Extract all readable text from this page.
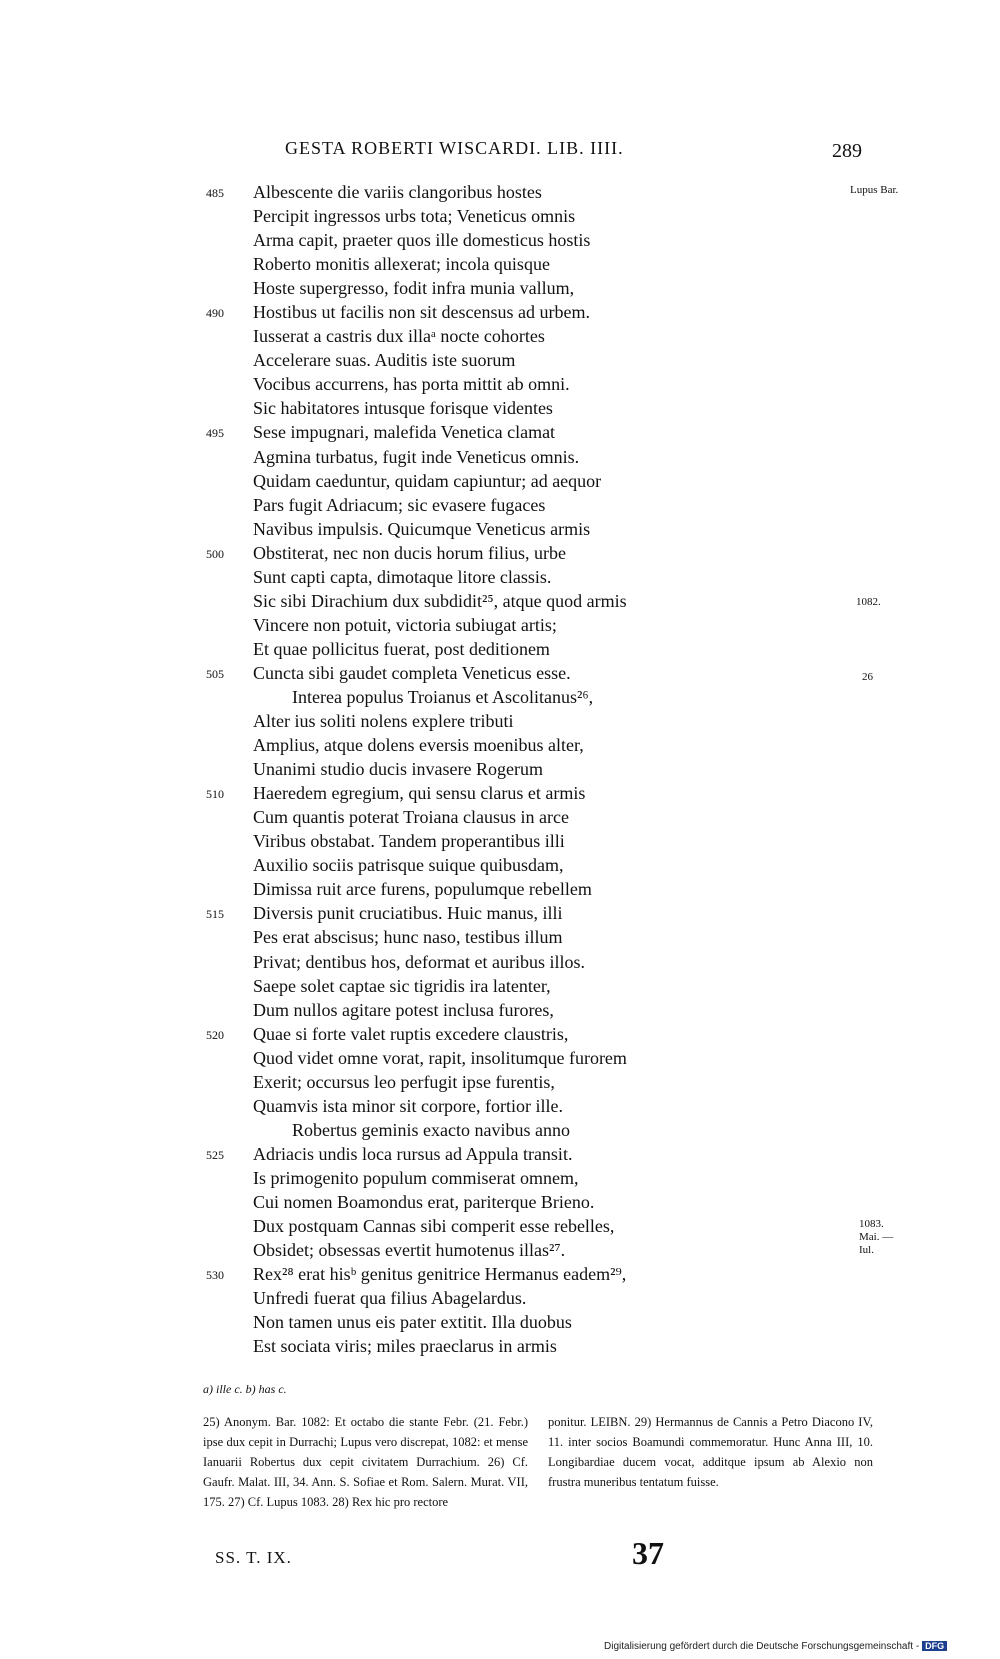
GESTA ROBERTI WISCARDI. LIB. IIII.	289
485	Albescente die variis clangoribus hostes
Percipit ingressos urbs tota; Veneticus omnis
Arma capit, praeter quos ille domesticus hostis
Roberto monitis allexerat; incola quisque
Hoste supergresso, fodit infra munia vallum,
490	Hostibus ut facilis non sit descensus ad urbem.
Iusserat a castris dux illaᵃ nocte cohortes
Accelerare suas. Auditis iste suorum
Vocibus accurrens, has porta mittit ab omni.
Sic habitatores intusque forisque videntes
495	Sese impugnari, malefida Venetica clamat
Agmina turbatus, fugit inde Veneticus omnis.
Quidam caeduntur, quidam capiuntur; ad aequor
Pars fugit Adriacum; sic evasere fugaces
Navibus impulsis. Quicumque Veneticus armis
500	Obstiterat, nec non ducis horum filius, urbe
Sunt capti capta, dimotaque litore classis.
Sic sibi Dirachium dux subdidit²⁵, atque quod armis
Vincere non potuit, victoria subiugat artis;
Et quae pollicitus fuerat, post deditionem
505	Cuncta sibi gaudet completa Veneticus esse.
Interea populus Troianus et Ascolitanus²⁶,
Alter ius soliti nolens explere tributi
Amplius, atque dolens eversis moenibus alter,
Unanimi studio ducis invasere Rogerum
510	Haeredem egregium, qui sensu clarus et armis
Cum quantis poterat Troiana clausus in arce
Viribus obstabat. Tandem properantibus illi
Auxilio sociis patrisque suique quibusdam,
Dimissa ruit arce furens, populumque rebellem
515	Diversis punit cruciatibus. Huic manus, illi
Pes erat abscisus; hunc naso, testibus illum
Privat; dentibus hos, deformat et auribus illos.
Saepe solet captae sic tigridis ira latenter,
Dum nullos agitare potest inclusa furores,
520	Quae si forte valet ruptis excedere claustris,
Quod videt omne vorat, rapit, insolitumque furorem
Exerit; occursus leo perfugit ipse furentis,
Quamvis ista minor sit corpore, fortior ille.
Robertus geminis exacto navibus anno
525	Adriacis undis loca rursus ad Appula transit.
Is primogenito populum commiserat omnem,
Cui nomen Boamondus erat, pariterque Brieno.
Dux postquam Cannas sibi comperit esse rebelles,
Obsidet; obsessas evertit humotenus illas²⁷.
530	Rex²⁸ erat hisᵇ genitus genitrice Hermanus eadem²⁹,
Unfredi fuerat qua filius Abagelardus.
Non tamen unus eis pater extitit. Illa duobus
Est sociata viris; miles praeclarus in armis
Lupus Bar.
1082.
26
1083.
Mai. —
Iul.
a) ille c. b) has c.

25) Anonym. Bar. 1082: Et octabo die stante Febr. (21. Febr.) ipse dux cepit in Durrachi; Lupus vero discrepat, 1082: et mense Ianuarii Robertus dux cepit civitatem Durrachium. 26) Cf. Gaufr. Malat. III, 34. Ann. S. Sofiae et Rom. Salern. Murat. VII, 175. 27) Cf. Lupus 1083. 28) Rex hic pro rectore

ponitur. LEIBN. 29) Hermannus de Cannis a Petro Diacono IV, 11. inter socios Boamundi commemoratur. Hunc Anna III, 10. Longibardiae ducem vocat, additque ipsum ab Alexio non frustra muneribus tentatum fuisse.

SS. T. IX.	37
Digitalisierung gefördert durch die Deutsche Forschungsgemeinschaft - DFG
